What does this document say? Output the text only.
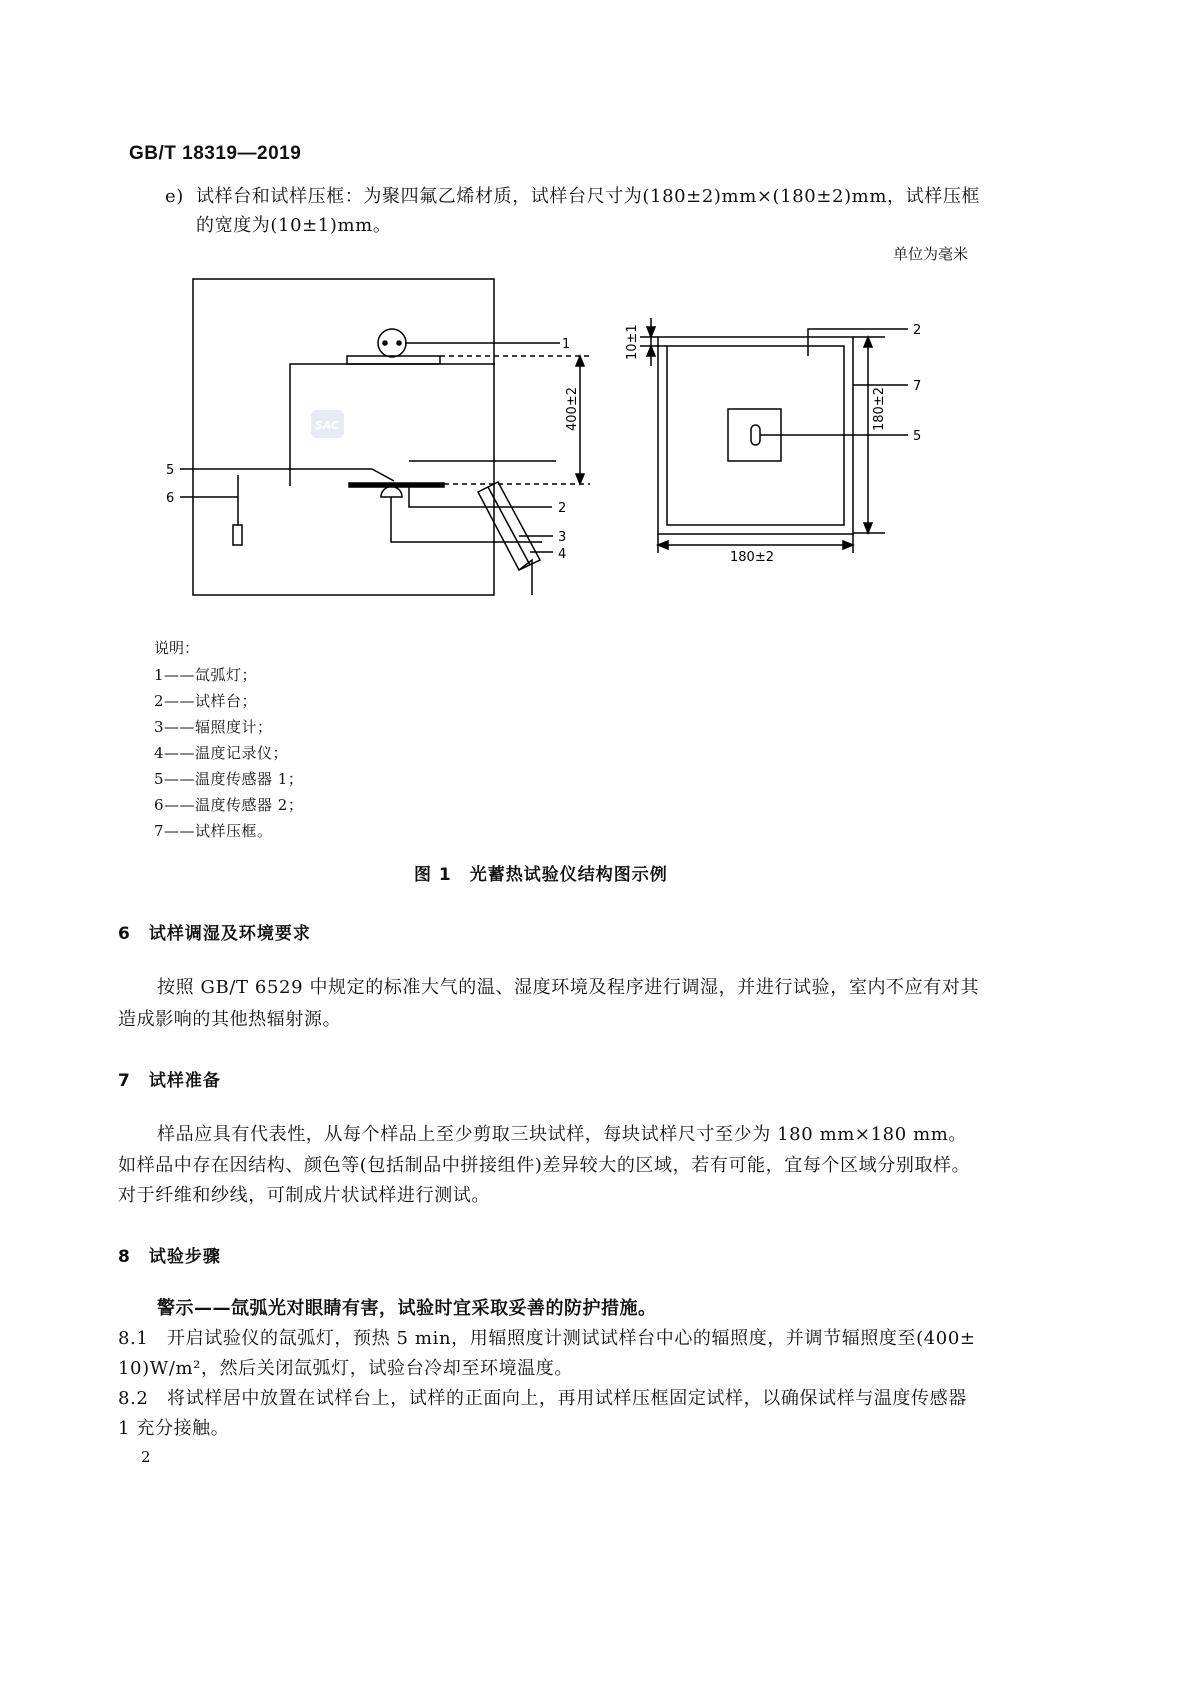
GB/T 18319—2019
e) 试样台和试样压框：为聚四氟乙烯材质，试样台尺寸为(180±2)mm×(180±2)mm，试样压框
的宽度为(10±1)mm。
单位为毫米
SAC
1
5
6
2
3
4
2
7
5
180±2
400±2
10±1
180±2
说明：
1——氙弧灯；
2——试样台；
3——辐照度计；
4——温度记录仪；
5——温度传感器 1；
6——温度传感器 2；
7——试样压框。
图 1　光蓄热试验仪结构图示例
6　试样调湿及环境要求
按照 GB/T 6529 中规定的标准大气的温、湿度环境及程序进行调湿，并进行试验，室内不应有对其
造成影响的其他热辐射源。
7　试样准备
样品应具有代表性，从每个样品上至少剪取三块试样，每块试样尺寸至少为 180 mm×180 mm。
如样品中存在因结构、颜色等(包括制品中拼接组件)差异较大的区域，若有可能，宜每个区域分别取样。
对于纤维和纱线，可制成片状试样进行测试。
8　试验步骤
警示——氙弧光对眼睛有害，试验时宜采取妥善的防护措施。
8.1　开启试验仪的氙弧灯，预热 5 min，用辐照度计测试试样台中心的辐照度，并调节辐照度至(400±
10)W/m²，然后关闭氙弧灯，试验台冷却至环境温度。
8.2　将试样居中放置在试样台上，试样的正面向上，再用试样压框固定试样，以确保试样与温度传感器
1 充分接触。
2
